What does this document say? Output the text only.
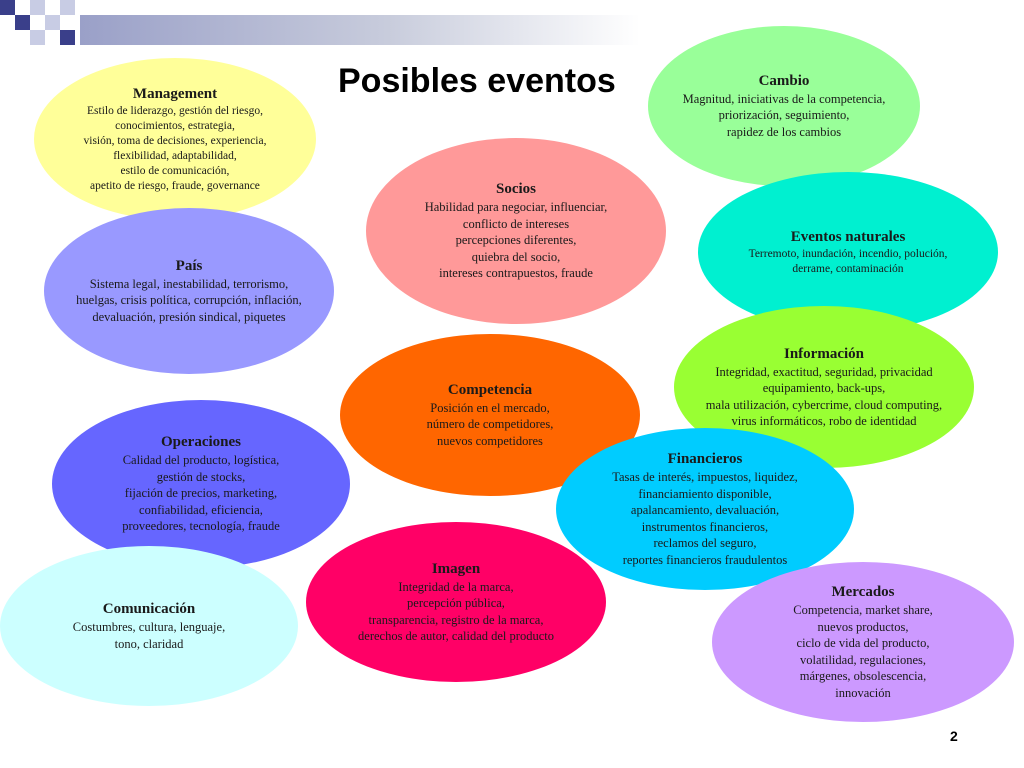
Posibles eventos
Management
Estilo de liderazgo, gestión del riesgo,
conocimientos, estrategia,
visión, toma de decisiones, experiencia,
flexibilidad, adaptabilidad,
estilo de comunicación,
apetito de riesgo, fraude, governance
Cambio
Magnitud, iniciativas de la competencia,
priorización, seguimiento,
rapidez de los cambios
Socios
Habilidad para negociar, influenciar,
conflicto de intereses
percepciones diferentes,
quiebra del socio,
intereses contrapuestos, fraude
Eventos naturales
Terremoto, inundación, incendio, polución,
derrame, contaminación
País
Sistema legal, inestabilidad, terrorismo,
huelgas, crisis política, corrupción, inflación,
devaluación, presión sindical, piquetes
Información
Integridad, exactitud, seguridad, privacidad
equipamiento, back-ups,
mala utilización, cybercrime, cloud computing,
virus informáticos, robo de identidad
Competencia
Posición en el mercado,
número de competidores,
nuevos competidores
Operaciones
Calidad del producto, logística,
gestión de stocks,
fijación de precios, marketing,
confiabilidad, eficiencia,
proveedores, tecnología, fraude
Financieros
Tasas de interés, impuestos, liquidez,
financiamiento disponible,
apalancamiento, devaluación,
instrumentos financieros,
reclamos del seguro,
reportes financieros fraudulentos
Imagen
Integridad de la marca,
percepción pública,
transparencia, registro de la marca,
derechos de autor, calidad del producto
Comunicación
Costumbres, cultura, lenguaje,
tono, claridad
Mercados
Competencia, market share,
nuevos productos,
ciclo de vida del producto,
volatilidad, regulaciones,
márgenes, obsolescencia,
innovación
2
